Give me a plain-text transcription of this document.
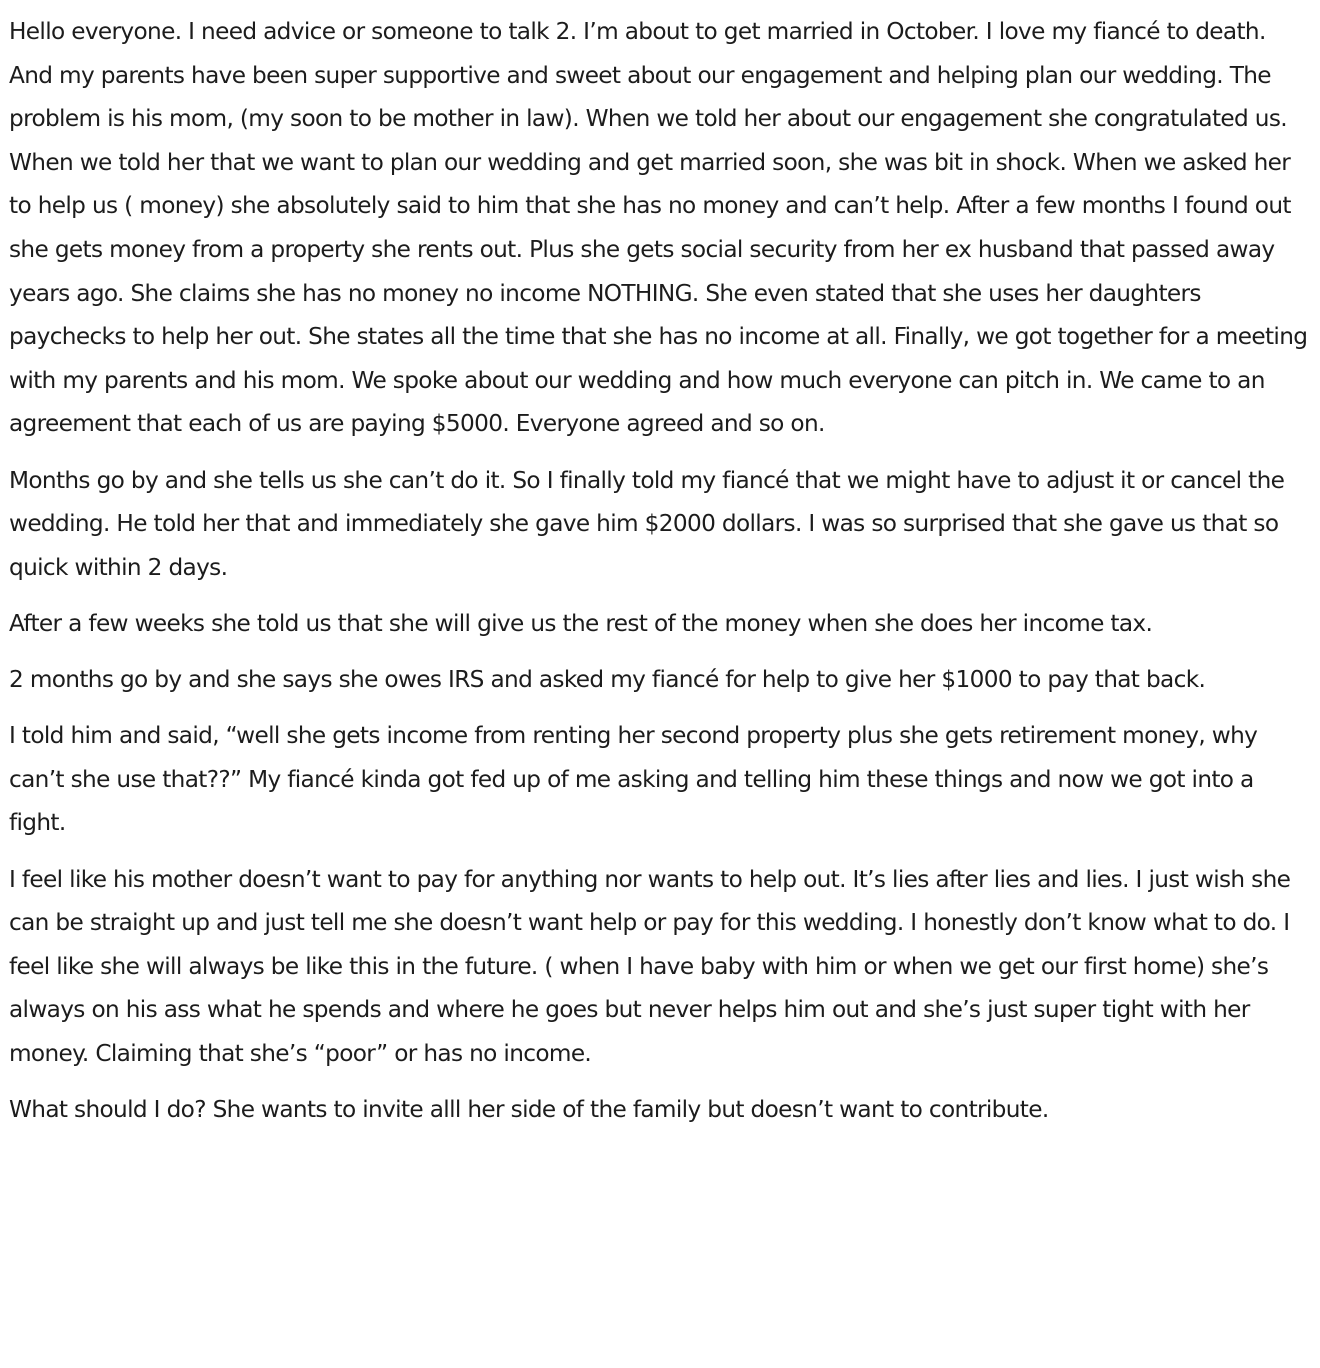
Hello everyone. I need advice or someone to talk 2. I’m about to get married in October. I love my fiancé to death. And my parents have been super supportive and sweet about our engagement and helping plan our wedding. The problem is his mom, (my soon to be mother in law). When we told her about our engagement she congratulated us. When we told her that we want to plan our wedding and get married soon, she was bit in shock. When we asked her to help us ( money) she absolutely said to him that she has no money and can’t help. After a few months I found out she gets money from a property she rents out. Plus she gets social security from her ex husband that passed away years ago. She claims she has no money no income NOTHING. She even stated that she uses her daughters paychecks to help her out. She states all the time that she has no income at all. Finally, we got together for a meeting with my parents and his mom. We spoke about our wedding and how much everyone can pitch in. We came to an agreement that each of us are paying $5000. Everyone agreed and so on.

Months go by and she tells us she can’t do it. So I finally told my fiancé that we might have to adjust it or cancel the wedding. He told her that and immediately she gave him $2000 dollars. I was so surprised that she gave us that so quick within 2 days.

After a few weeks she told us that she will give us the rest of the money when she does her income tax.

2 months go by and she says she owes IRS and asked my fiancé for help to give her $1000 to pay that back.

I told him and said, “well she gets income from renting her second property plus she gets retirement money, why can’t she use that??” My fiancé kinda got fed up of me asking and telling him these things and now we got into a fight.

I feel like his mother doesn’t want to pay for anything nor wants to help out. It’s lies after lies and lies. I just wish she can be straight up and just tell me she doesn’t want help or pay for this wedding. I honestly don’t know what to do. I feel like she will always be like this in the future. ( when I have baby with him or when we get our first home) she’s always on his ass what he spends and where he goes but never helps him out and she’s just super tight with her money. Claiming that she’s “poor” or has no income.

What should I do? She wants to invite alll her side of the family but doesn’t want to contribute.
